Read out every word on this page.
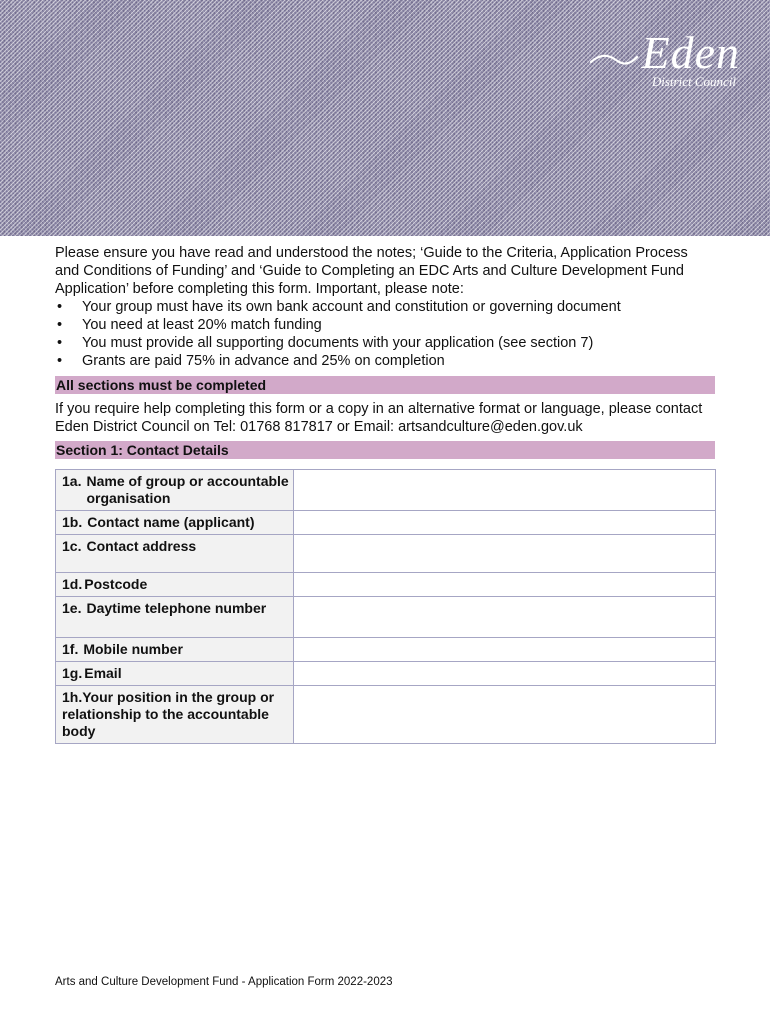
Eden
District Council

Please ensure you have read and understood the notes; ‘Guide to the Criteria, Application Process and Conditions of Funding’ and ‘Guide to Completing an EDC Arts and Culture Development Fund Application’ before completing this form. Important, please note:

• Your group must have its own bank account and constitution or governing document
• You need at least 20% match funding
• You must provide all supporting documents with your application (see section 7)
• Grants are paid 75% in advance and 25% on completion
All sections must be completed

If you require help completing this form or a copy in an alternative format or language, please contact Eden District Council on Tel: 01768 817817 or Email: artsandculture@eden.gov.uk

Section 1: Contact Details
1a. Name of group or accountable organisation	

1b. Contact name (applicant)	

1c. Contact address	

1d. Postcode	

1e. Daytime telephone number	

1f. Mobile number	

1g. Email	

1h.Your position in the group or relationship to the accountable body	
Arts and Culture Development Fund - Application Form 2022-2023
